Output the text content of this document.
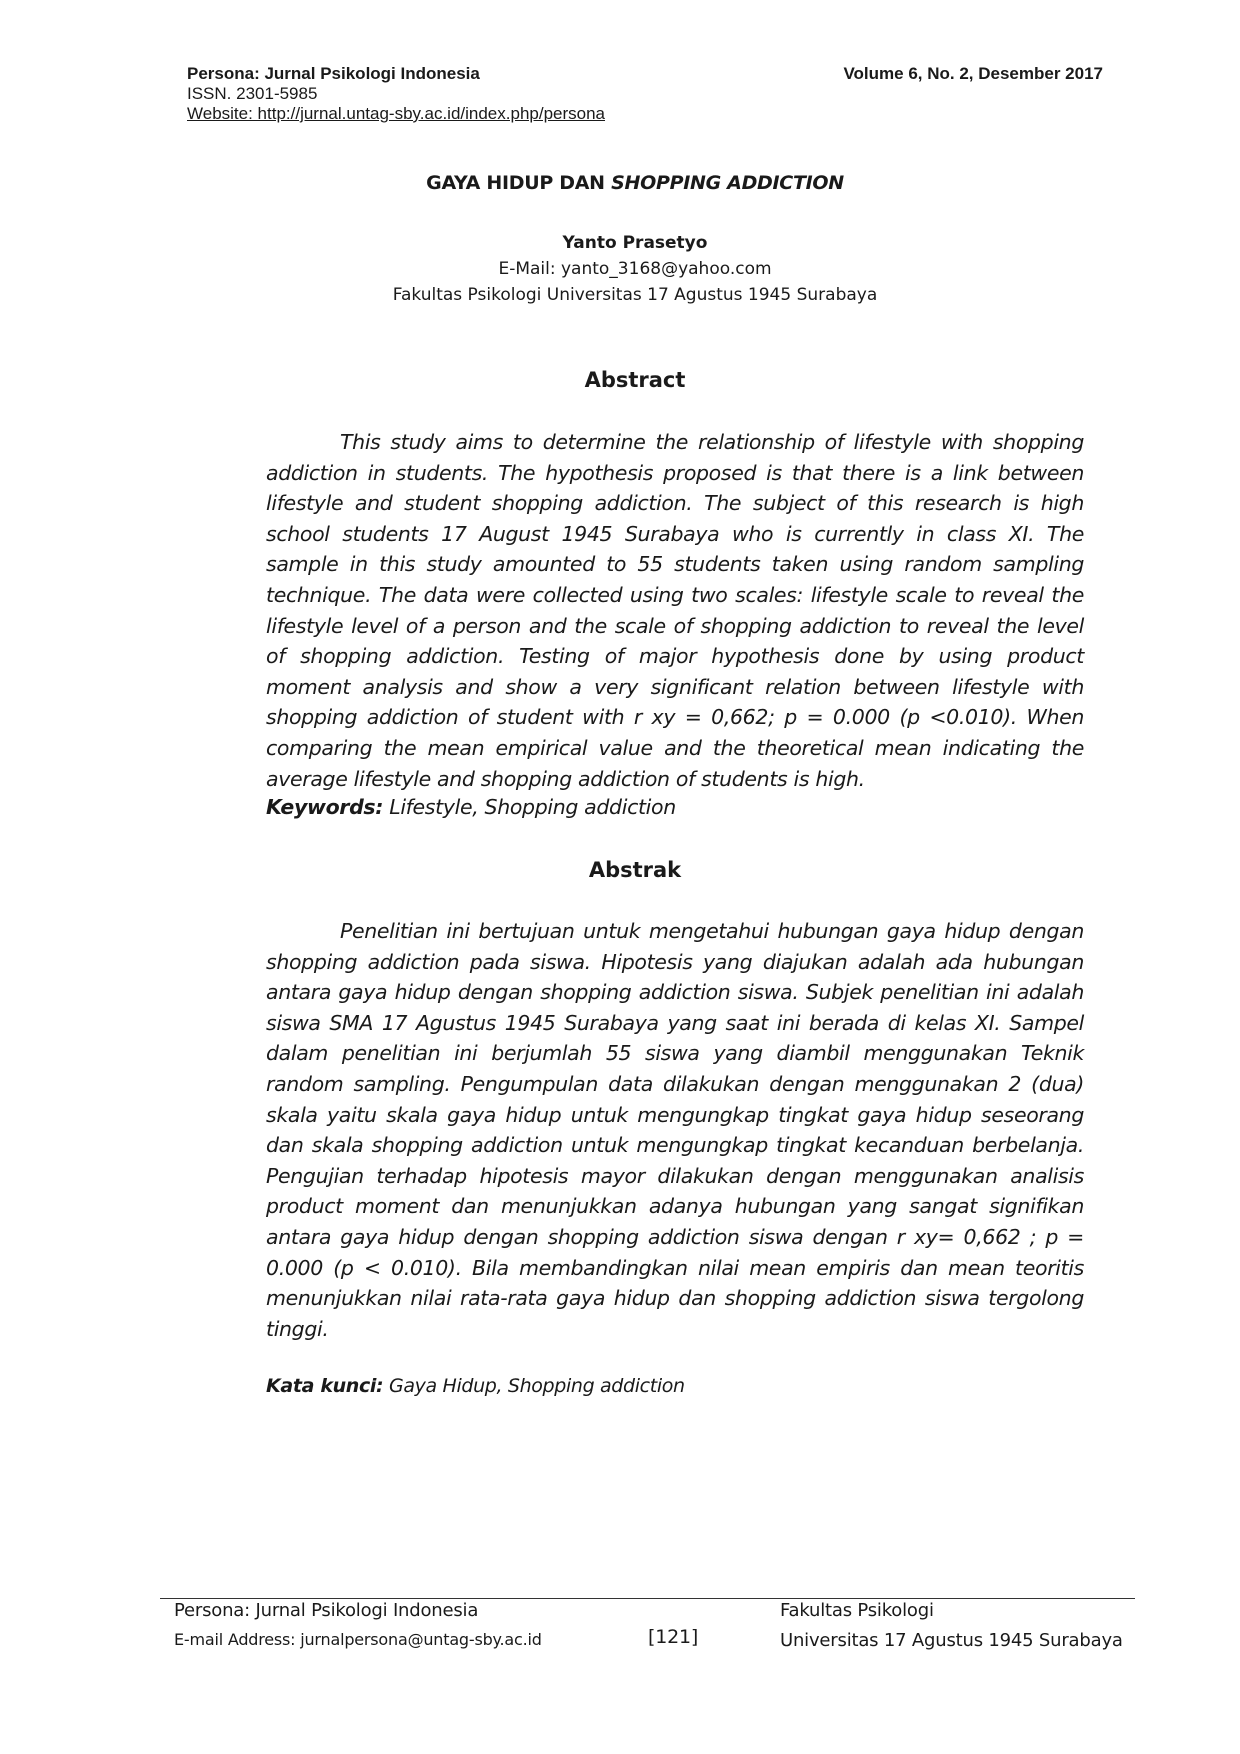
Persona: Jurnal Psikologi Indonesia
ISSN. 2301-5985
Website: http://jurnal.untag-sby.ac.id/index.php/persona
Volume 6, No. 2, Desember 2017
GAYA HIDUP DAN SHOPPING ADDICTION
Yanto Prasetyo
E-Mail: yanto_3168@yahoo.com
Fakultas Psikologi Universitas 17 Agustus 1945 Surabaya
Abstract

This study aims to determine the relationship of lifestyle with shopping addiction in students. The hypothesis proposed is that there is a link between lifestyle and student shopping addiction. The subject of this research is high school students 17 August 1945 Surabaya who is currently in class XI. The sample in this study amounted to 55 students taken using random sampling technique. The data were collected using two scales: lifestyle scale to reveal the lifestyle level of a person and the scale of shopping addiction to reveal the level of shopping addiction. Testing of major hypothesis done by using product moment analysis and show a very significant relation between lifestyle with shopping addiction of student with r xy = 0,662; p = 0.000 (p <0.010). When comparing the mean empirical value and the theoretical mean indicating the average lifestyle and shopping addiction of students is high.

Keywords: Lifestyle, Shopping addiction
Abstrak

Penelitian ini bertujuan untuk mengetahui hubungan gaya hidup dengan shopping addiction pada siswa. Hipotesis yang diajukan adalah ada hubungan antara gaya hidup dengan shopping addiction siswa. Subjek penelitian ini adalah siswa SMA 17 Agustus 1945 Surabaya yang saat ini berada di kelas XI. Sampel dalam penelitian ini berjumlah 55 siswa yang diambil menggunakan Teknik random sampling. Pengumpulan data dilakukan dengan menggunakan 2 (dua) skala yaitu skala gaya hidup untuk mengungkap tingkat gaya hidup seseorang dan skala shopping addiction untuk mengungkap tingkat kecanduan berbelanja. Pengujian terhadap hipotesis mayor dilakukan dengan menggunakan analisis product moment dan menunjukkan adanya hubungan yang sangat signifikan antara gaya hidup dengan shopping addiction siswa dengan r xy= 0,662 ; p = 0.000 (p < 0.010). Bila membandingkan nilai mean empiris dan mean teoritis menunjukkan nilai rata-rata gaya hidup dan shopping addiction siswa tergolong tinggi.

Kata kunci: Gaya Hidup, Shopping addiction
Persona: Jurnal Psikologi Indonesia
E-mail Address: jurnalpersona@untag-sby.ac.id	[121]
Fakultas Psikologi
Universitas 17 Agustus 1945 Surabaya
